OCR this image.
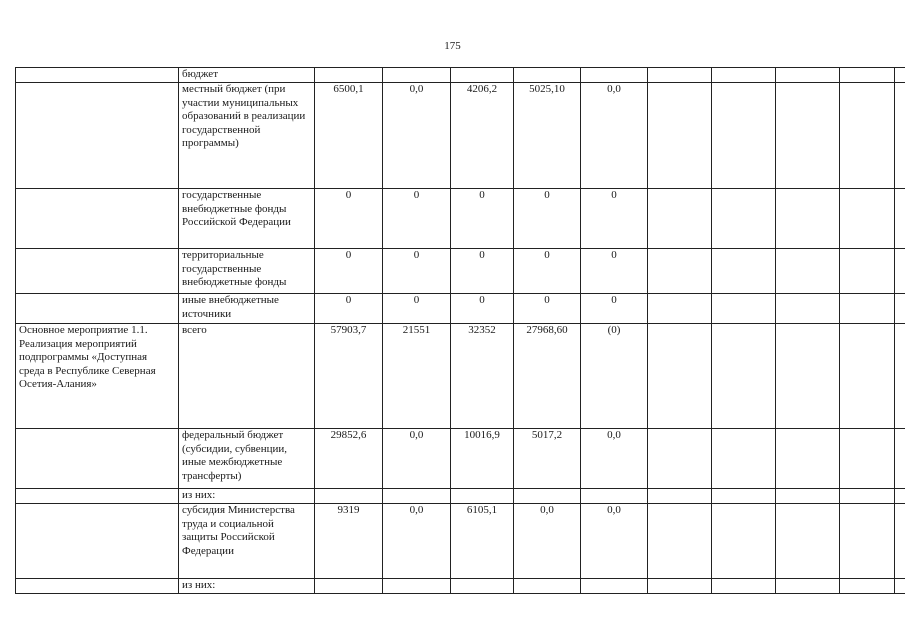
175
	бюджет										
	местный бюджет (при участии муниципальных образований в реализации государственной программы)	6500,1	0,0	4206,2	5025,10	0,0					
	государственные внебюджетные фонды Российской Федерации	0	0	0	0	0					
	территориальные государственные внебюджетные фонды	0	0	0	0	0					
	иные внебюджетные источники	0	0	0	0	0					
Основное мероприятие 1.1. Реализация мероприятий подпрограммы «Доступная среда в Республике Северная Осетия-Алания»	всего	57903,7	21551	32352	27968,60	(0)					
	федеральный бюджет (субсидии, субвенции, иные межбюджетные трансферты)	29852,6	0,0	10016,9	5017,2	0,0					
	из них:										
	субсидия Министерства труда и социальной защиты Российской Федерации	9319	0,0	6105,1	0,0	0,0					
	из них:										
